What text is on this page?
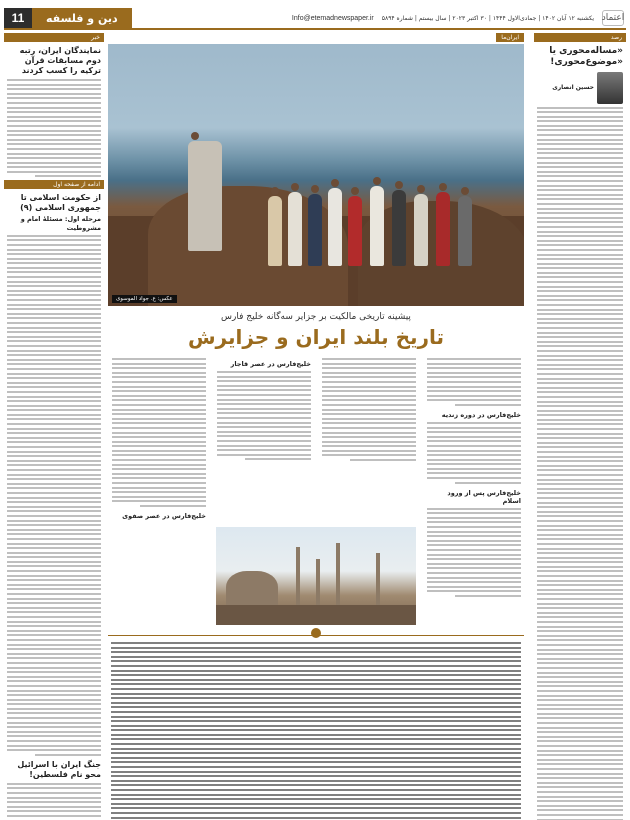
اعتماد
یکشنبه ۱۲ آبان ۱۴۰۲ | جمادی‌الاول ۱۴۴۴ | ۳۰ اکتبر ۲۰۲۳ | سال بیستم | شماره ۵۸۹۴
Info@etemadnewspaper.ir
دین و فلسفه
11
رصد
«مساله‌محوری یا «موضوع‌محوری!
حسین انصاری
خبر
نمایندگان ایران، رتبه دوم مسابقات قرآن ترکیه را کسب کردند
ادامه از صفحه اول
از حکومت اسلامی تا جمهوری اسلامی (۹)
مرحله اول: مسئلۀ امام و مشروطیت
جنگ ایران با اسرائیل محو نام فلسطین!
ایران‌ما
عکس: ع. جواد الموسوی
پیشینه تاریخی مالکیت بر جزایر سه‌گانه خلیج فارس
تاریخ بلند ایران و جزایرش
خلیج‌فارس در دوره زندیه
خلیج‌فارس پس از ورود اسلام
خلیج‌فارس در عصر قاجار
خلیج‌فارس در عصر صفوی
